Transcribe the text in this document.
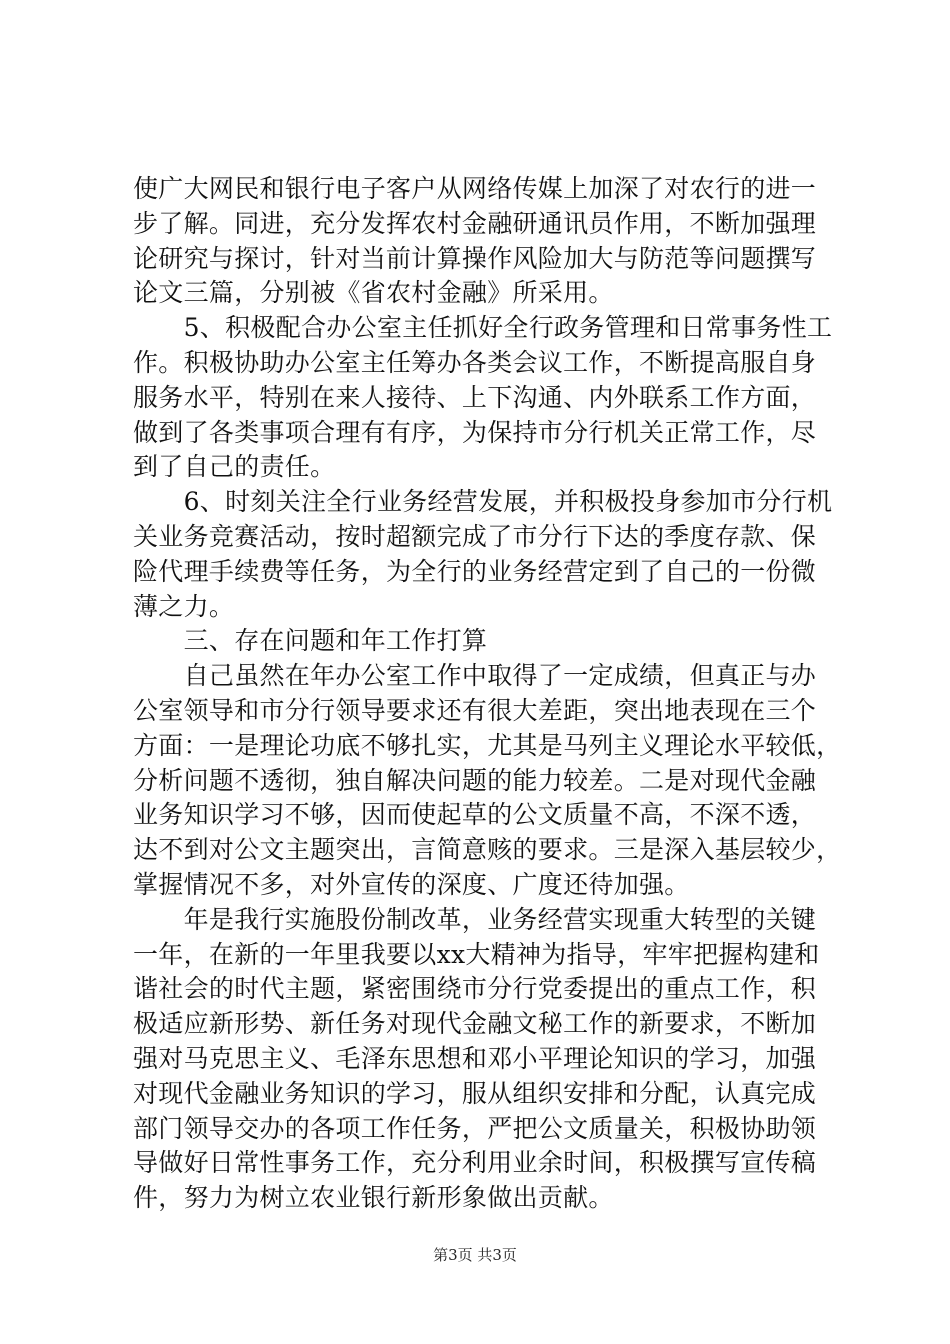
使广大网民和银行电子客户从网络传媒上加深了对农行的进一
步了解。同进，充分发挥农村金融研通讯员作用，不断加强理
论研究与探讨，针对当前计算操作风险加大与防范等问题撰写
论文三篇，分别被《省农村金融》所采用。
　　5、积极配合办公室主任抓好全行政务管理和日常事务性工
作。积极协助办公室主任筹办各类会议工作，不断提高服自身
服务水平，特别在来人接待、上下沟通、内外联系工作方面，
做到了各类事项合理有有序，为保持市分行机关正常工作，尽
到了自己的责任。
　　6、时刻关注全行业务经营发展，并积极投身参加市分行机
关业务竞赛活动，按时超额完成了市分行下达的季度存款、保
险代理手续费等任务，为全行的业务经营定到了自己的一份微
薄之力。
　　三、存在问题和年工作打算
　　自己虽然在年办公室工作中取得了一定成绩，但真正与办
公室领导和市分行领导要求还有很大差距，突出地表现在三个
方面：一是理论功底不够扎实，尤其是马列主义理论水平较低，
分析问题不透彻，独自解决问题的能力较差。二是对现代金融
业务知识学习不够，因而使起草的公文质量不高，不深不透，
达不到对公文主题突出，言简意赅的要求。三是深入基层较少，
掌握情况不多，对外宣传的深度、广度还待加强。
　　年是我行实施股份制改革，业务经营实现重大转型的关键
一年，在新的一年里我要以xx大精神为指导，牢牢把握构建和
谐社会的时代主题，紧密围绕市分行党委提出的重点工作，积
极适应新形势、新任务对现代金融文秘工作的新要求，不断加
强对马克思主义、毛泽东思想和邓小平理论知识的学习，加强
对现代金融业务知识的学习，服从组织安排和分配，认真完成
部门领导交办的各项工作任务，严把公文质量关，积极协助领
导做好日常性事务工作，充分利用业余时间，积极撰写宣传稿
件，努力为树立农业银行新形象做出贡献。
第3页 共3页
